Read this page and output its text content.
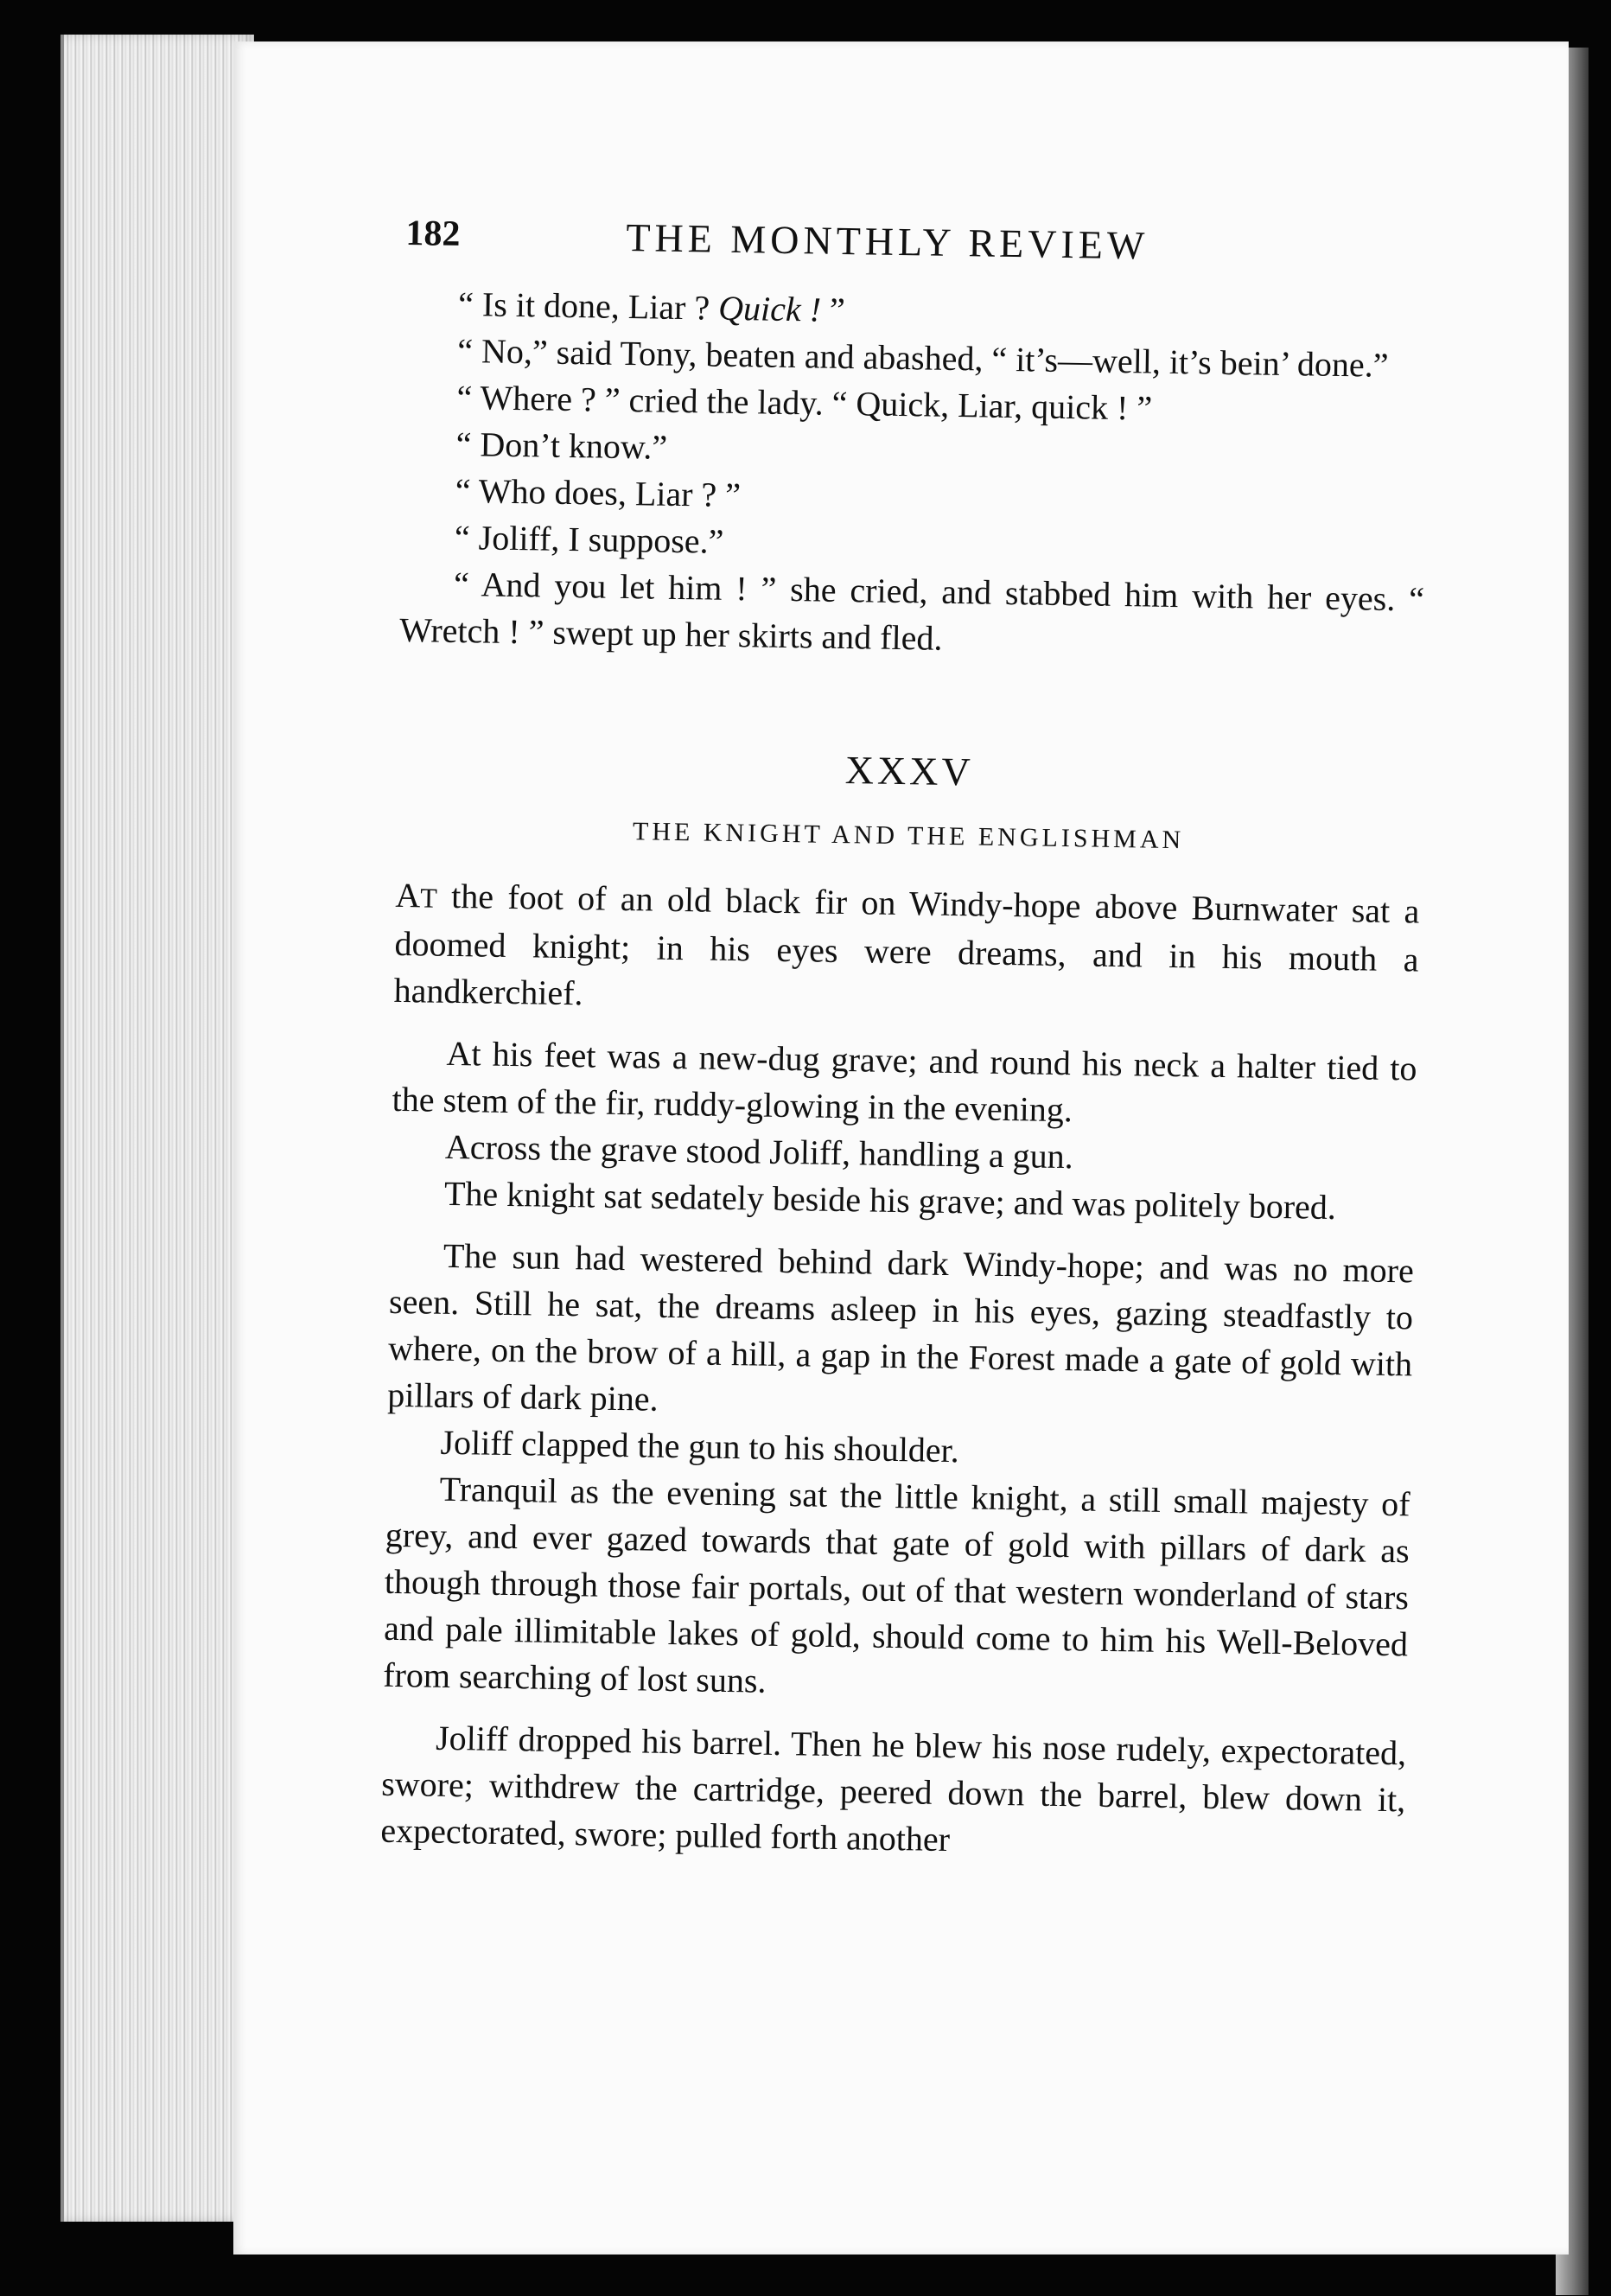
182	THE MONTHLY REVIEW

“ Is it done, Liar ? Quick ! ”

“ No,” said Tony, beaten and abashed, “ it’s—well, it’s bein’ done.”

“ Where ? ” cried the lady. “ Quick, Liar, quick ! ”

“ Don’t know.”

“ Who does, Liar ? ”

“ Joliff, I suppose.”

“ And you let him ! ” she cried, and stabbed him with her eyes. “ Wretch ! ” swept up her skirts and fled.

XXXV
THE KNIGHT AND THE ENGLISHMAN

AT the foot of an old black fir on Windy-hope above Burnwater sat a doomed knight; in his eyes were dreams, and in his mouth a handkerchief.

At his feet was a new-dug grave; and round his neck a halter tied to the stem of the fir, ruddy-glowing in the evening.

Across the grave stood Joliff, handling a gun.

The knight sat sedately beside his grave; and was politely bored.

The sun had westered behind dark Windy-hope; and was no more seen. Still he sat, the dreams asleep in his eyes, gazing steadfastly to where, on the brow of a hill, a gap in the Forest made a gate of gold with pillars of dark pine.

Joliff clapped the gun to his shoulder.

Tranquil as the evening sat the little knight, a still small majesty of grey, and ever gazed towards that gate of gold with pillars of dark as though through those fair portals, out of that western wonderland of stars and pale illimitable lakes of gold, should come to him his Well-Beloved from searching of lost suns.

Joliff dropped his barrel. Then he blew his nose rudely, expectorated, swore; withdrew the cartridge, peered down the barrel, blew down it, expectorated, swore; pulled forth another
